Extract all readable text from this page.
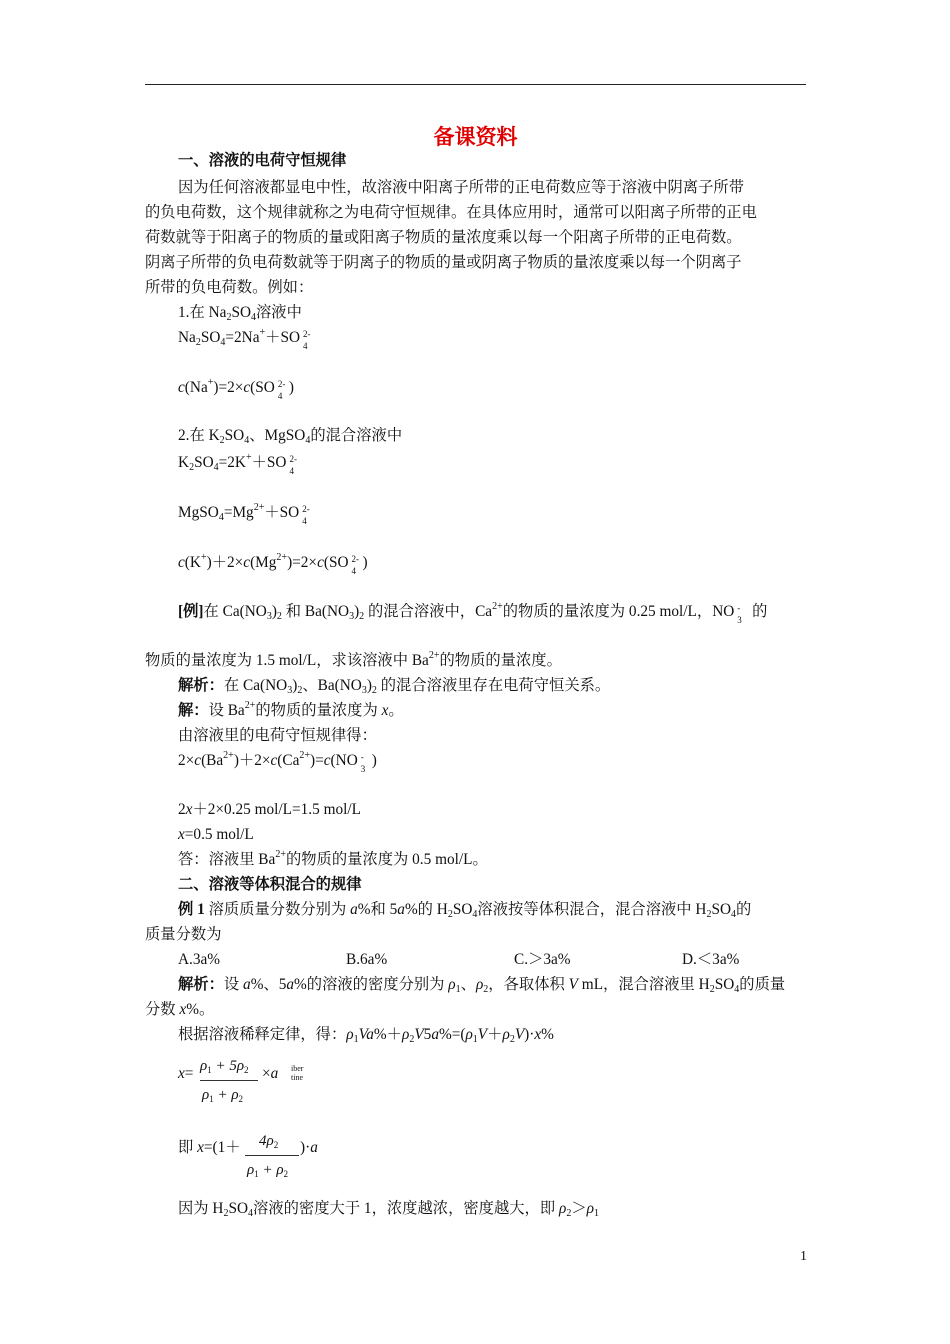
备课资料
一、溶液的电荷守恒规律
因为任何溶液都显电中性，故溶液中阳离子所带的正电荷数应等于溶液中阴离子所带
的负电荷数，这个规律就称之为电荷守恒规律。在具体应用时，通常可以阳离子所带的正电
荷数就等于阳离子的物质的量或阳离子物质的量浓度乘以每一个阳离子所带的正电荷数。
阴离子所带的负电荷数就等于阴离子的物质的量或阴离子物质的量浓度乘以每一个阴离子
所带的负电荷数。例如：
1.在 $Na_2SO_4$溶液中
$Na_2SO_4=2Na^++SO$ 2-
4
c(Na+)=2×c(SO 2-
4 )
2.在 $K_2SO_4$、MgSO$_4$的混合溶液中
$K_2SO_4=2K^++SO$ 2-
4
$MgSO_4=Mg^{2+}+SO$ 2-
4
$c(K^+)+2\times c(Mg^{2+})=2\times c(SO$ 2-
4 )
[例]在 $Ca(NO_3)_2$ 和 $Ba(NO_3)_2$ 的混合溶液中，$Ca^{2+}$的物质的量浓度为 0.25 mol/L，NO -
3 的
物质的量浓度为 1.5 mol/L，求该溶液中 $Ba^{2+}$的物质的量浓度。
解析：在 $Ca(NO_3)_2$、$Ba(NO_3)_2$ 的混合溶液里存在电荷守恒关系。
解：设 $Ba^{2+}$的物质的量浓度为 x。
由溶液里的电荷守恒规律得：
$2\times c(Ba^{2+})+2\times c(Ca^{2+})=c(NO$ -
3 )
2x＋2×0.25 mol/L=1.5 mol/L
x=0.5 mol/L
答：溶液里 $Ba^{2+}$的物质的量浓度为 0.5 mol/L。
二、溶液等体积混合的规律
例 1 溶质质量分数分别为 a%和 5a%的 $H_2SO_4$溶液按等体积混合，混合溶液中 $H_2SO_4$的
质量分数为
A.3a%	B.6a%	C.＞3a%	D.＜3a%
解析：设 a%、5a%的溶液的密度分别为 $\rho_1$、$\rho_2$，各取体积 V mL，混合溶液里 $H_2SO_4$的质量
分数 x%。
根据溶液稀释定律，得：$\rho_1Va\%+\rho_2V5a\%=(\rho_1V+\rho_2V)\cdot x\%$
$x= \rho_1 + 5\rho_2$
$\rho_1 + \rho_2$
×a iber
tine
即 $x=(1+ 4\rho_2$
$\rho_1 + \rho_2$
)·a
因为 $H_2SO_4$溶液的密度大于 1，浓度越浓，密度越大，即 $\rho_2>\rho_1$
1
